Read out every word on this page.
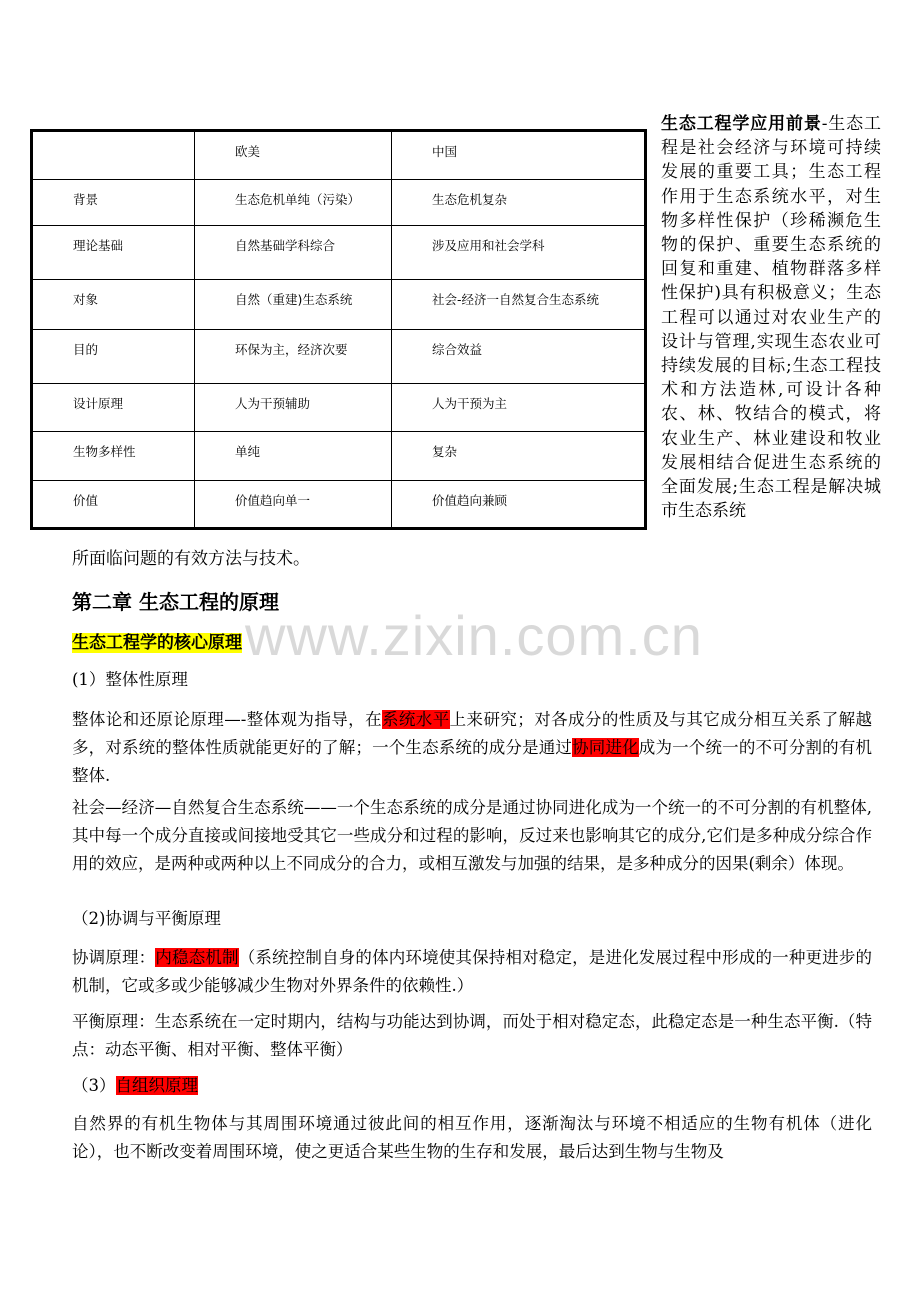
www.zixin.com.cn
	欧美	中国
背景	生态危机单纯（污染）	生态危机复杂
理论基础	自然基础学科综合	涉及应用和社会学科
对象	自然（重建)生态系统	社会-经济一自然复合生态系统
目的	环保为主，经济次要	综合效益
设计原理	人为干预辅助	人为干预为主
生物多样性	单纯	复杂
价值	价值趋向单一	价值趋向兼顾
生态工程学应用前景-生态工程是社会经济与环境可持续发展的重要工具；生态工程作用于生态系统水平，对生物多样性保护（珍稀濒危生物的保护、重要生态系统的回复和重建、植物群落多样性保护)具有积极意义；生态工程可以通过对农业生产的设计与管理,实现生态农业可持续发展的目标;生态工程技术和方法造林,可设计各种农、林、牧结合的模式，将农业生产、林业建设和牧业发展相结合促进生态系统的全面发展;生态工程是解决城市生态系统
所面临问题的有效方法与技术。
第二章 生态工程的原理
生态工程学的核心原理

(1）整体性原理

整体论和还原论原理—-整体观为指导，在系统水平上来研究；对各成分的性质及与其它成分相互关系了解越多，对系统的整体性质就能更好的了解；一个生态系统的成分是通过协同进化成为一个统一的不可分割的有机整体.

社会—经济—自然复合生态系统——一个生态系统的成分是通过协同进化成为一个统一的不可分割的有机整体,其中每一个成分直接或间接地受其它一些成分和过程的影响，反过来也影响其它的成分,它们是多种成分综合作用的效应，是两种或两种以上不同成分的合力，或相互激发与加强的结果，是多种成分的因果(剩余）体现。

（2)协调与平衡原理

协调原理：内稳态机制（系统控制自身的体内环境使其保持相对稳定，是进化发展过程中形成的一种更进步的机制，它或多或少能够减少生物对外界条件的依赖性.）

平衡原理：生态系统在一定时期内，结构与功能达到协调，而处于相对稳定态，此稳定态是一种生态平衡.（特点：动态平衡、相对平衡、整体平衡）

（3）自组织原理

自然界的有机生物体与其周围环境通过彼此间的相互作用，逐渐淘汰与环境不相适应的生物有机体（进化论），也不断改变着周围环境，使之更适合某些生物的生存和发展，最后达到生物与生物及
